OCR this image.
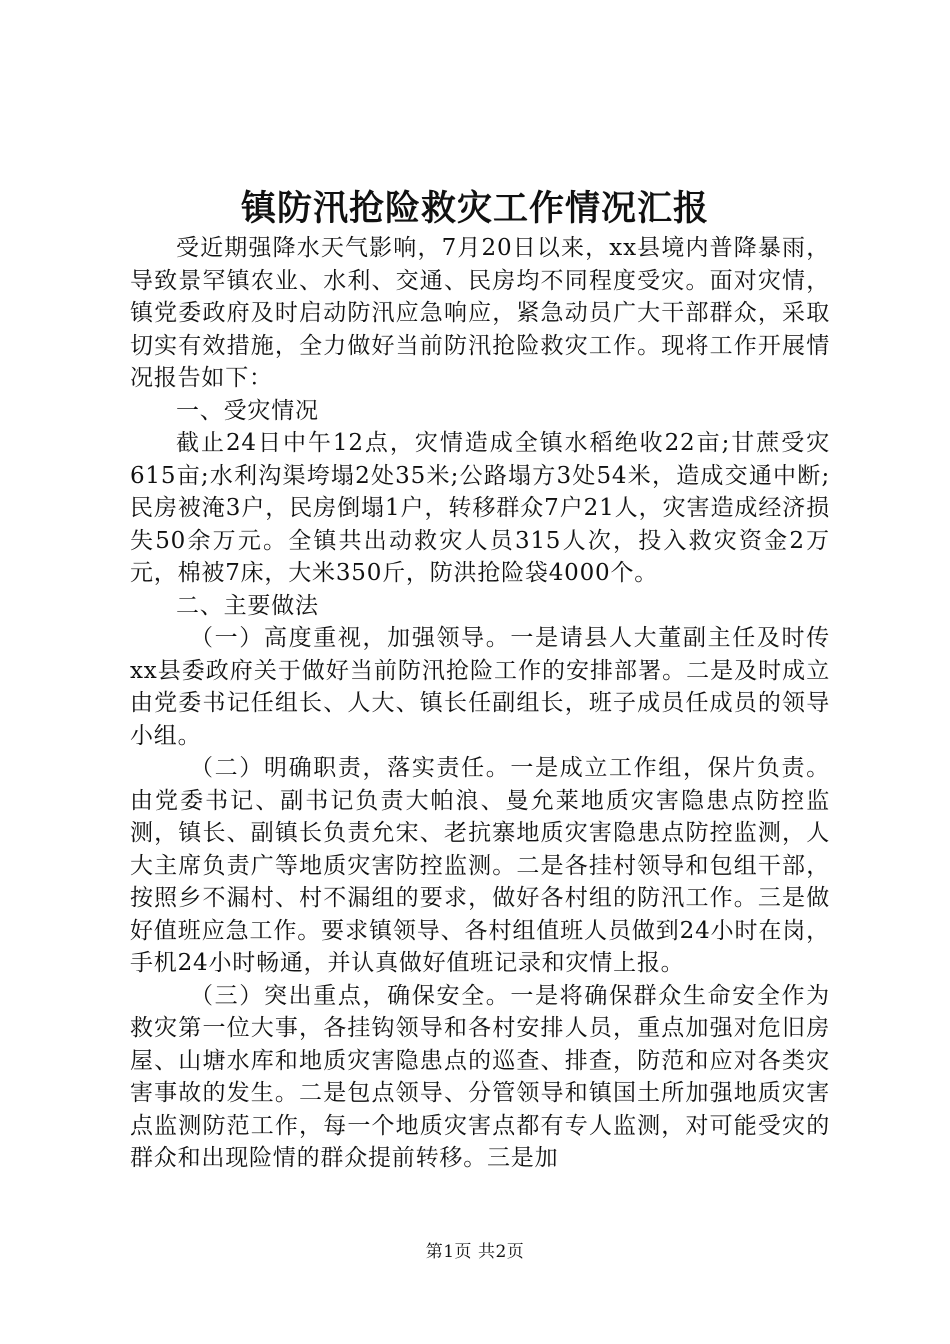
镇防汛抢险救灾工作情况汇报

受近期强降水天气影响，7月20日以来，xx县境内普降暴雨，导致景罕镇农业、水利、交通、民房均不同程度受灾。面对灾情，镇党委政府及时启动防汛应急响应，紧急动员广大干部群众，采取切实有效措施，全力做好当前防汛抢险救灾工作。现将工作开展情况报告如下：

一、受灾情况

截止24日中午12点，灾情造成全镇水稻绝收22亩;甘蔗受灾615亩;水利沟渠垮塌2处35米;公路塌方3处54米，造成交通中断;民房被淹3户，民房倒塌1户，转移群众7户21人，灾害造成经济损失50余万元。全镇共出动救灾人员315人次，投入救灾资金2万元，棉被7床，大米350斤，防洪抢险袋4000个。

二、主要做法

（一）高度重视，加强领导。一是请县人大董副主任及时传xx县委政府关于做好当前防汛抢险工作的安排部署。二是及时成立由党委书记任组长、人大、镇长任副组长，班子成员任成员的领导小组。

（二）明确职责，落实责任。一是成立工作组，保片负责。由党委书记、副书记负责大帕浪、曼允莱地质灾害隐患点防控监测，镇长、副镇长负责允宋、老抗寨地质灾害隐患点防控监测，人大主席负责广等地质灾害防控监测。二是各挂村领导和包组干部，按照乡不漏村、村不漏组的要求，做好各村组的防汛工作。三是做好值班应急工作。要求镇领导、各村组值班人员做到24小时在岗，手机24小时畅通，并认真做好值班记录和灾情上报。

（三）突出重点，确保安全。一是将确保群众生命安全作为救灾第一位大事，各挂钩领导和各村安排人员，重点加强对危旧房屋、山塘水库和地质灾害隐患点的巡查、排查，防范和应对各类灾害事故的发生。二是包点领导、分管领导和镇国土所加强地质灾害点监测防范工作，每一个地质灾害点都有专人监测，对可能受灾的群众和出现险情的群众提前转移。三是加

第1页 共2页
